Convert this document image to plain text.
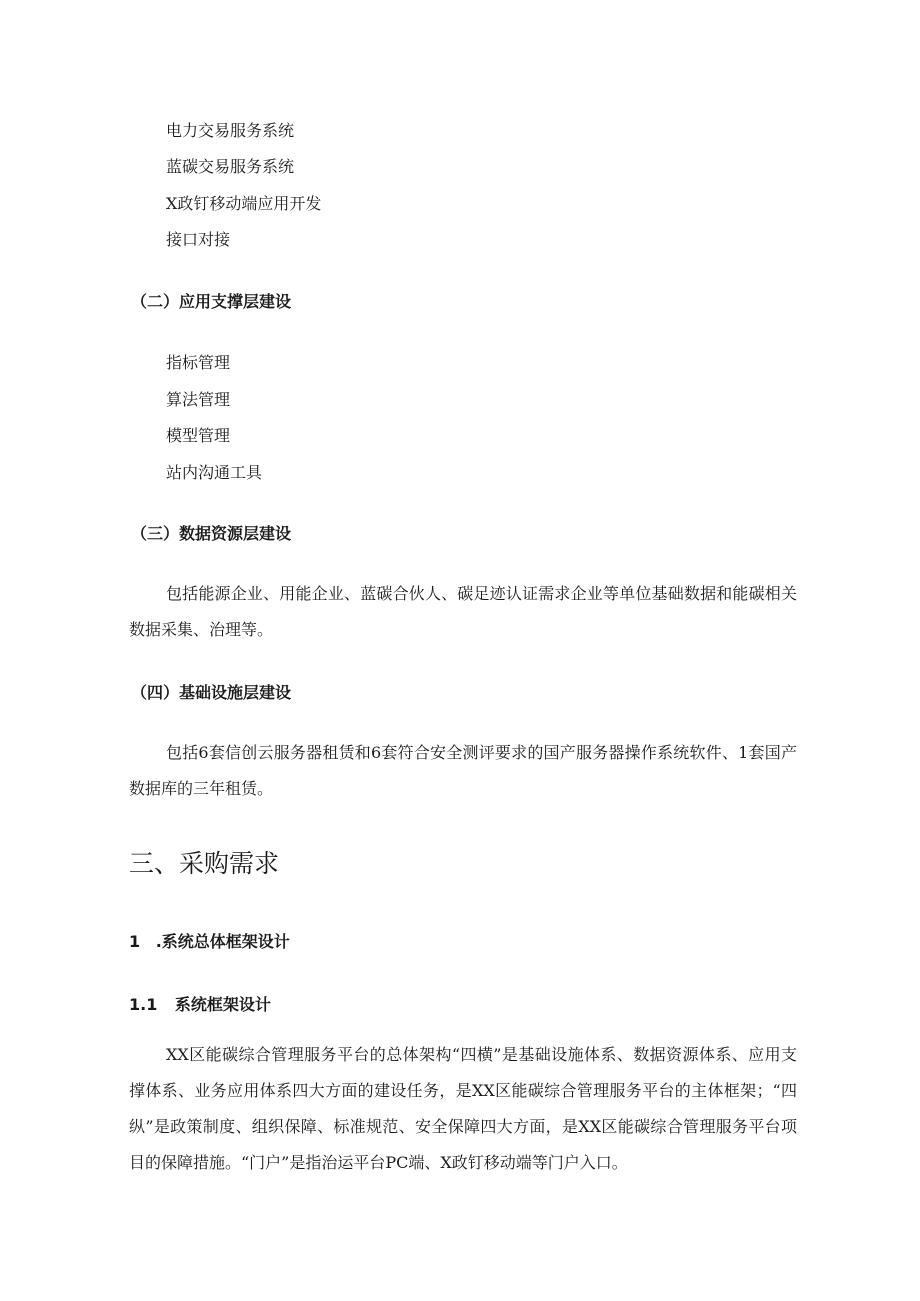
电力交易服务系统
蓝碳交易服务系统
X政钉移动端应用开发
接口对接
（二）应用支撑层建设
指标管理
算法管理
模型管理
站内沟通工具
（三）数据资源层建设

包括能源企业、用能企业、蓝碳合伙人、碳足迹认证需求企业等单位基础数据和能碳相关数据采集、治理等。

（四）基础设施层建设

包括6套信创云服务器租赁和6套符合安全测评要求的国产服务器操作系统软件、1套国产数据库的三年租赁。

三、采购需求
1 .系统总体框架设计
1.1 系统框架设计

XX区能碳综合管理服务平台的总体架构“四横”是基础设施体系、数据资源体系、应用支撑体系、业务应用体系四大方面的建设任务，是XX区能碳综合管理服务平台的主体框架；“四纵”是政策制度、组织保障、标准规范、安全保障四大方面，是XX区能碳综合管理服务平台项目的保障措施。“门户”是指治运平台PC端、X政钉移动端等门户入口。
